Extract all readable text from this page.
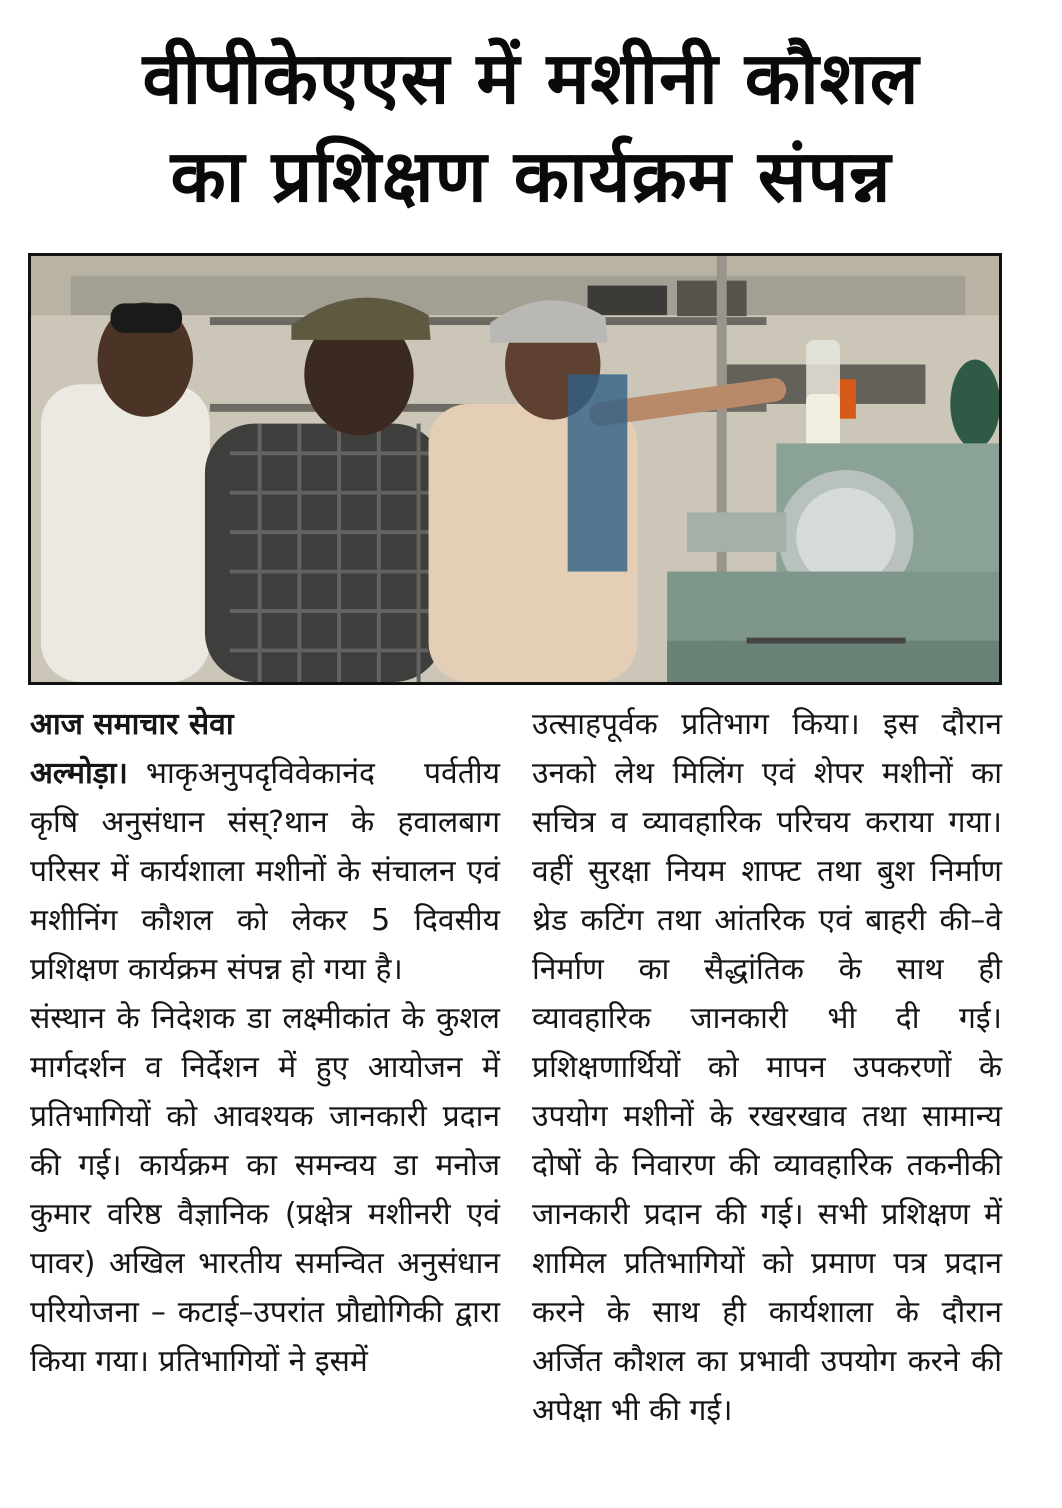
वीपीकेएएस में मशीनी कौशल
का प्रशिक्षण कार्यक्रम संपन्न

आज समाचार सेवा

अल्मोड़ा। भाकृअनुपदृविवेकानंद पर्वतीय कृषि अनुसंधान संस्?थान के हवालबाग परिसर में कार्यशाला मशीनों के संचालन एवं मशीनिंग कौशल को लेकर 5 दिवसीय प्रशिक्षण कार्यक्रम संपन्न हो गया है।

संस्थान के निदेशक डा लक्ष्मीकांत के कुशल मार्गदर्शन व निर्देशन में हुए आयोजन में प्रतिभागियों को आवश्यक जानकारी प्रदान की गई। कार्यक्रम का समन्वय डा मनोज कुमार वरिष्ठ वैज्ञानिक (प्रक्षेत्र मशीनरी एवं पावर) अखिल भारतीय समन्वित अनुसंधान परियोजना – कटाई–उपरांत प्रौद्योगिकी द्वारा किया गया। प्रतिभागियों ने इसमें

उत्साहपूर्वक प्रतिभाग किया। इस दौरान उनको लेथ मिलिंग एवं शेपर मशीनों का सचित्र व व्यावहारिक परिचय कराया गया। वहीं सुरक्षा नियम शाफ्ट तथा बुश निर्माण थ्रेड कटिंग तथा आंतरिक एवं बाहरी की–वे निर्माण का सैद्धांतिक के साथ ही व्यावहारिक जानकारी भी दी गई। प्रशिक्षणार्थियों को मापन उपकरणों के उपयोग मशीनों के रखरखाव तथा सामान्य दोषों के निवारण की व्यावहारिक तकनीकी जानकारी प्रदान की गई। सभी प्रशिक्षण में शामिल प्रतिभागियों को प्रमाण पत्र प्रदान करने के साथ ही कार्यशाला के दौरान अर्जित कौशल का प्रभावी उपयोग करने की अपेक्षा भी की गई।
